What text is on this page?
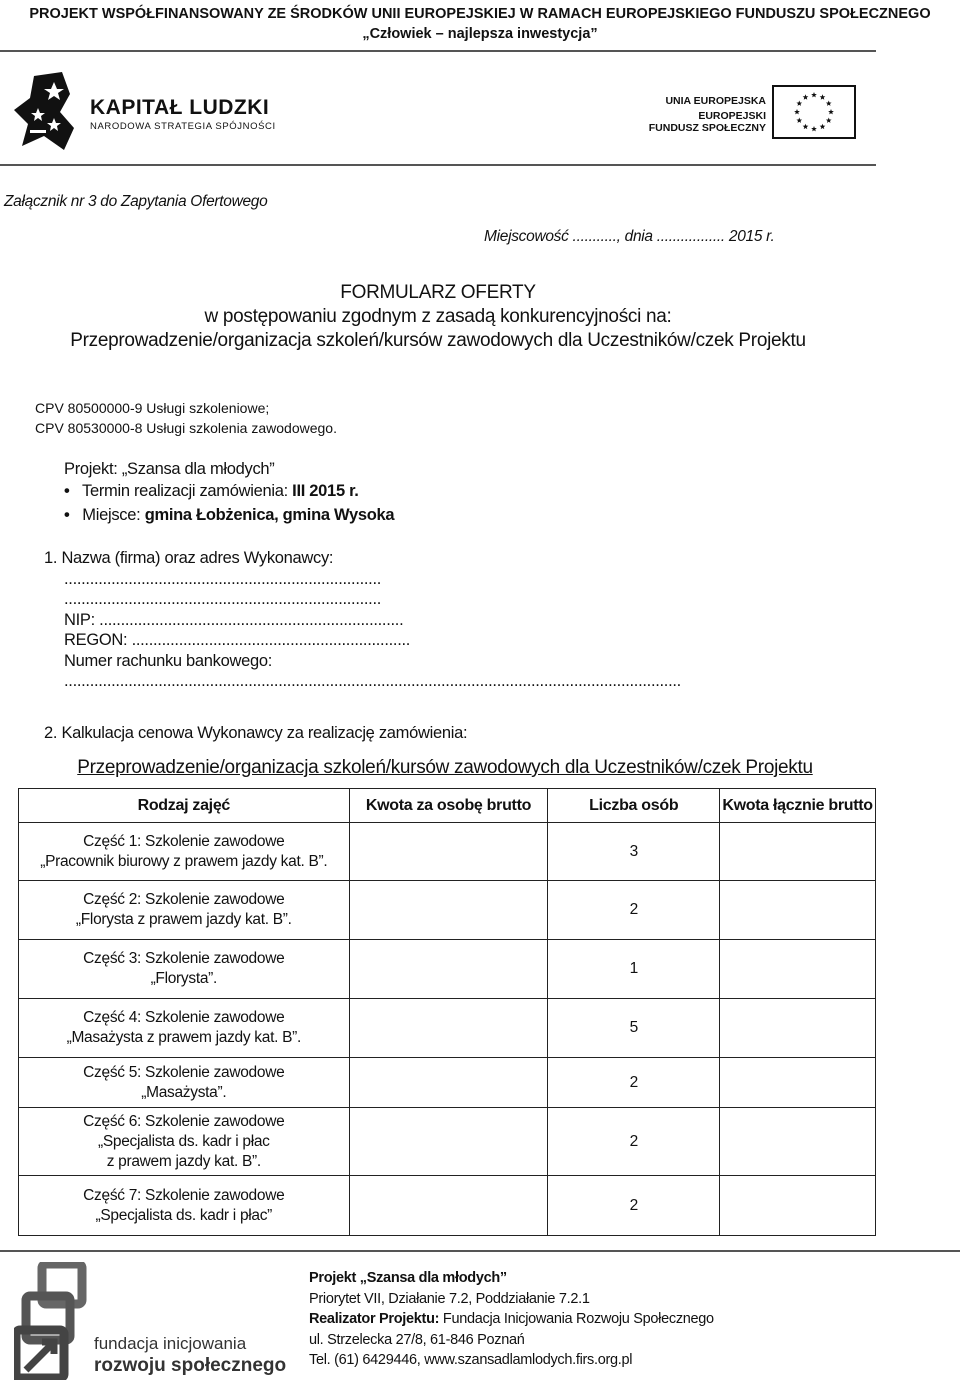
PROJEKT WSPÓŁFINANSOWANY ZE ŚRODKÓW UNII EUROPEJSKIEJ W RAMACH EUROPEJSKIEGO FUNDUSZU SPOŁECZNEGO
„Człowiek – najlepsza inwestycja”
KAPITAŁ LUDZKI
NARODOWA STRATEGIA SPÓJNOŚCI
UNIA EUROPEJSKA
EUROPEJSKI
FUNDUSZ SPOŁECZNY
Załącznik nr 3 do Zapytania Ofertowego
Miejscowość ..........., dnia ................. 2015 r.
FORMULARZ OFERTY
w postępowaniu zgodnym z zasadą konkurencyjności na:
Przeprowadzenie/organizacja szkoleń/kursów zawodowych dla Uczestników/czek Projektu
CPV 80500000-9 Usługi szkoleniowe;
CPV 80530000-8 Usługi szkolenia zawodowego.
Projekt: „Szansa dla młodych”
• Termin realizacji zamówienia: III 2015 r.
• Miejsce: gmina Łobżenica, gmina Wysoka
1. Nazwa (firma) oraz adres Wykonawcy:
..........................................................................
..........................................................................
NIP: .......................................................................
REGON: .................................................................
Numer rachunku bankowego:
................................................................................................................................................
2. Kalkulacja cenowa Wykonawcy za realizację zamówienia:
Przeprowadzenie/organizacja szkoleń/kursów zawodowych dla Uczestników/czek Projektu
Rodzaj zajęć	Kwota za osobę brutto	Liczba osób	Kwota łącznie brutto

Część 1: Szkolenie zawodowe
„Pracownik biurowy z prawem jazdy kat. B”.		3	

Część 2: Szkolenie zawodowe
„Florysta z prawem jazdy kat. B”.		2	

Część 3: Szkolenie zawodowe
„Florysta”.		1	

Część 4: Szkolenie zawodowe
„Masażysta z prawem jazdy kat. B”.		5	

Część 5: Szkolenie zawodowe
„Masażysta”.		2	

Część 6: Szkolenie zawodowe
„Specjalista ds. kadr i płac
z prawem jazdy kat. B”.		2	

Część 7: Szkolenie zawodowe
„Specjalista ds. kadr i płac”		2	
fundacja inicjowania
rozwoju społecznego
Projekt „Szansa dla młodych”
Priorytet VII, Działanie 7.2, Poddziałanie 7.2.1
Realizator Projektu: Fundacja Inicjowania Rozwoju Społecznego
ul. Strzelecka 27/8, 61-846 Poznań
Tel. (61) 6429446, www.szansadlamlodych.firs.org.pl
